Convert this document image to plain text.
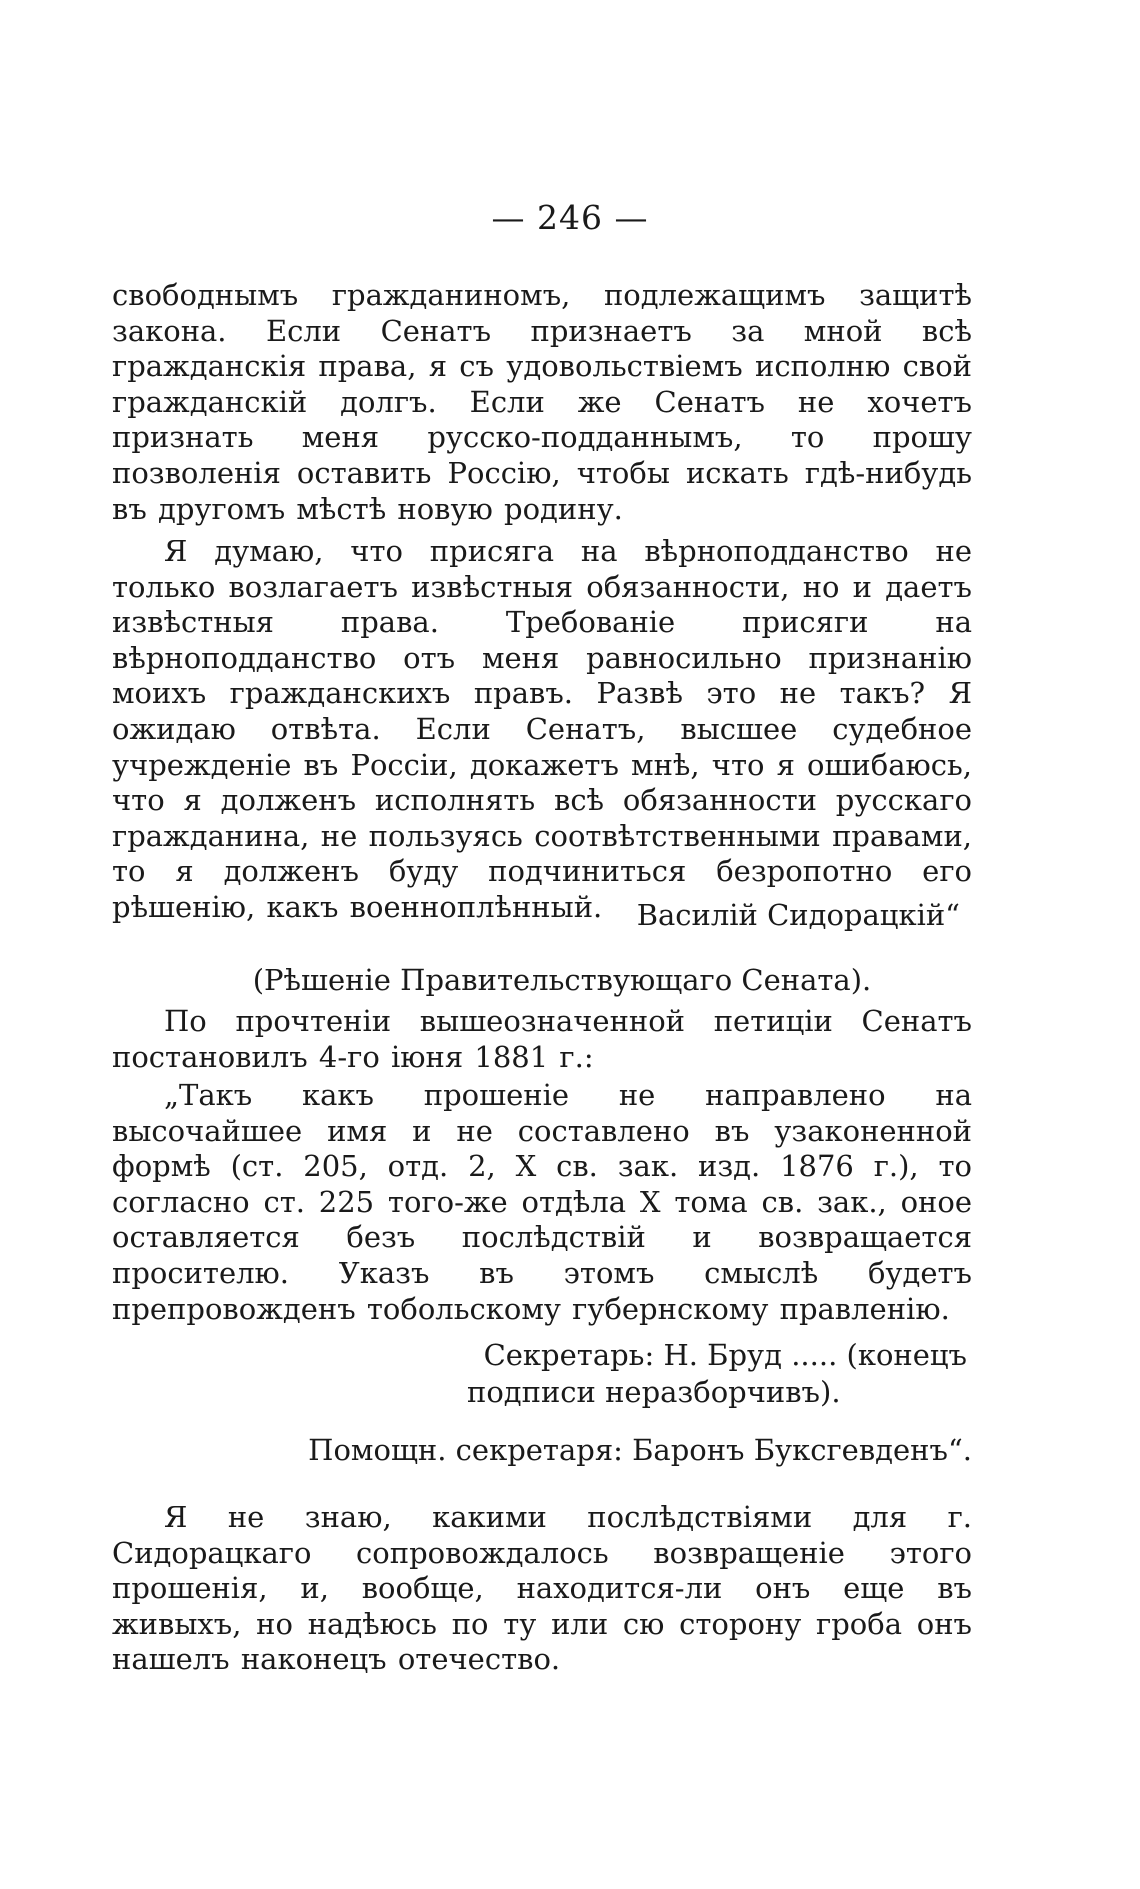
— 246 —

свободнымъ гражданиномъ, подлежащимъ защитѣ закона. Если Сенатъ признаетъ за мной всѣ гражданскія права, я съ удовольствіемъ исполню свой гражданскій долгъ. Если же Сенатъ не хочетъ признать меня русско-подданнымъ, то прошу позволенія оставить Россію, чтобы искать гдѣ-нибудь въ другомъ мѣстѣ новую родину.

Я думаю, что присяга на вѣрноподданство не только возлагаетъ извѣстныя обязанности, но и даетъ извѣстныя права. Требованіе присяги на вѣрноподданство отъ меня равносильно признанію моихъ гражданскихъ правъ. Развѣ это не такъ? Я ожидаю отвѣта. Если Сенатъ, высшее судебное учрежденіе въ Россіи, докажетъ мнѣ, что я ошибаюсь, что я долженъ исполнять всѣ обязанности русскаго гражданина, не пользуясь соотвѣтственными правами, то я долженъ буду подчиниться безропотно его рѣшенію, какъ военноплѣнный.	Василій Сидорацкій“

(Рѣшеніе Правительствующаго Сената).

По прочтеніи вышеозначенной петиціи Сенатъ постановилъ 4-го іюня 1881 г.:

„Такъ какъ прошеніе не направлено на высочайшее имя и не составлено въ узаконенной формѣ (ст. 205, отд. 2, X св. зак. изд. 1876 г.), то согласно ст. 225 того-же отдѣла X тома св. зак., оное оставляется безъ послѣдствій и возвращается просителю. Указъ въ этомъ смыслѣ будетъ препровожденъ тобольскому губернскому правленію.

Секретарь: Н. Бруд ..... (конецъ

подписи неразборчивъ).

Помощн. секретаря: Баронъ Буксгевденъ“.

Я не знаю, какими послѣдствіями для г. Сидорацкаго сопровождалось возвращеніе этого прошенія, и, вообще, находится-ли онъ еще въ живыхъ, но надѣюсь по ту или сю сторону гроба онъ нашелъ наконецъ отечество.
